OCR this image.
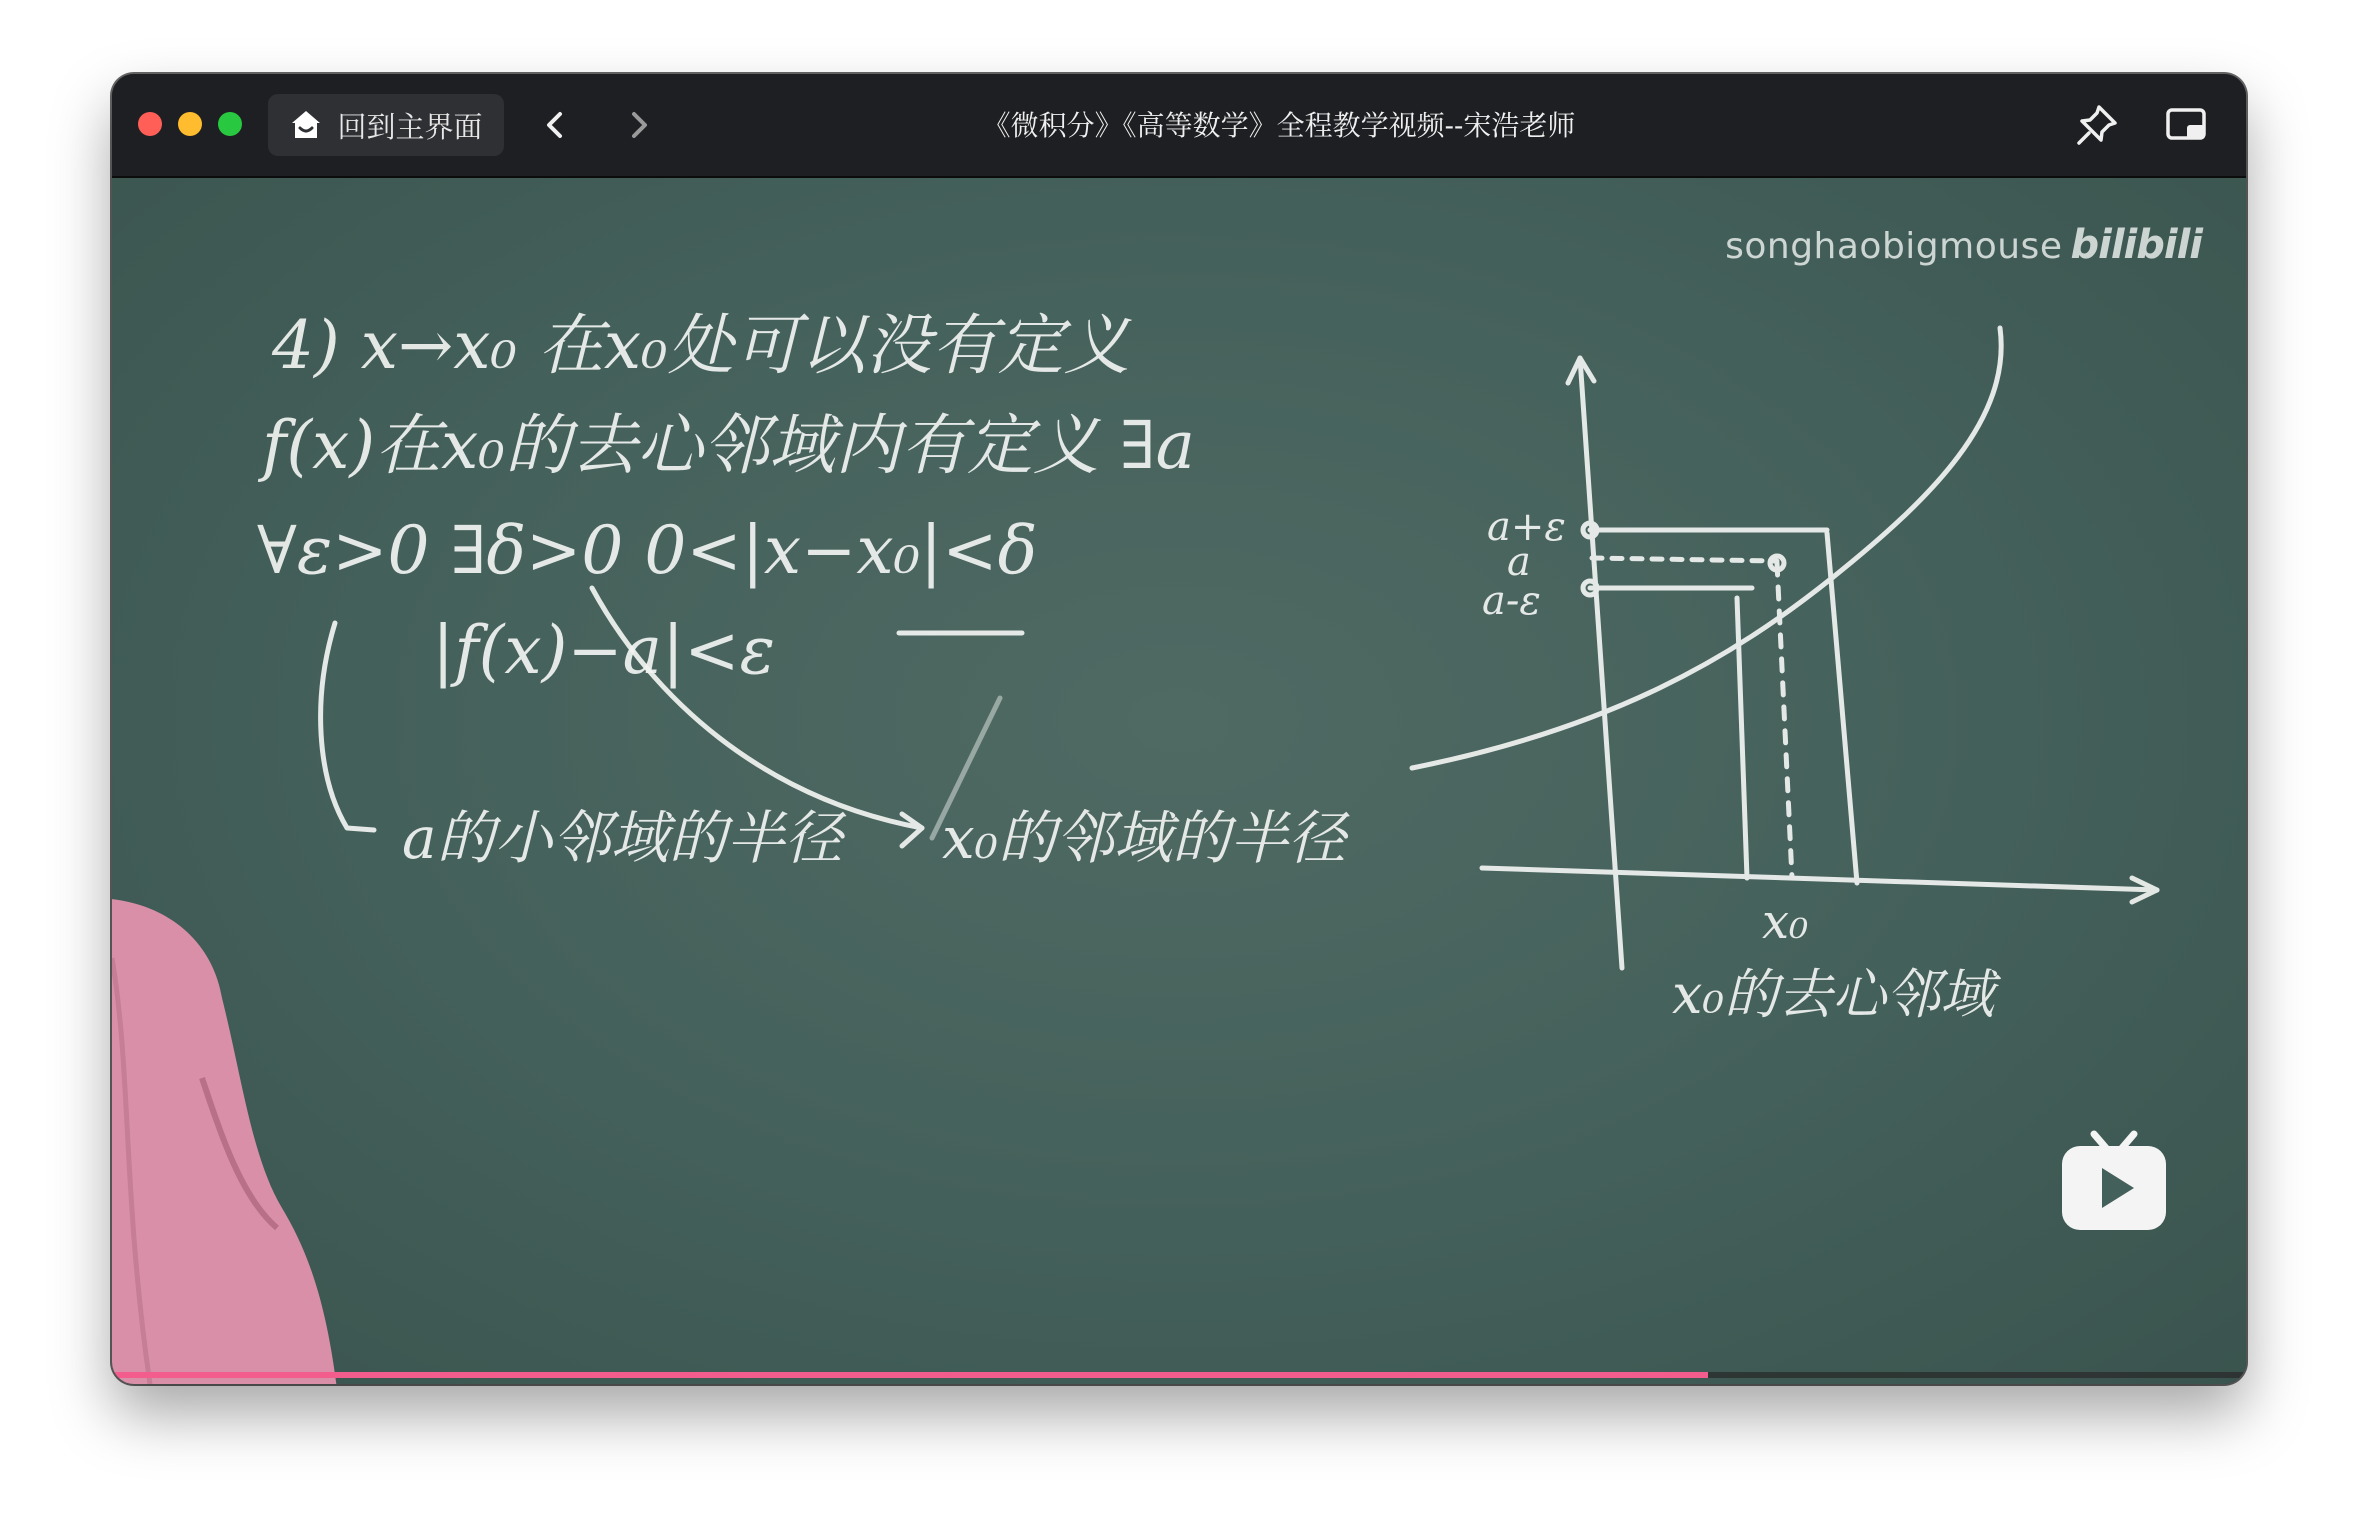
回到主界面	《微积分》《高等数学》全程教学视频--宋浩老师
4) x→x₀ 在x₀处可以没有定义
f(x)在x₀的去心邻域内有定义 ∃a
∀ε>0 ∃δ>0 0<|x−x₀|<δ
|f(x)−a|<ε
a的小邻域的半径 x₀的邻域的半径
a+ε
a
a-ε
x₀
x₀的去心邻域
songhaobigmouse bilibili
